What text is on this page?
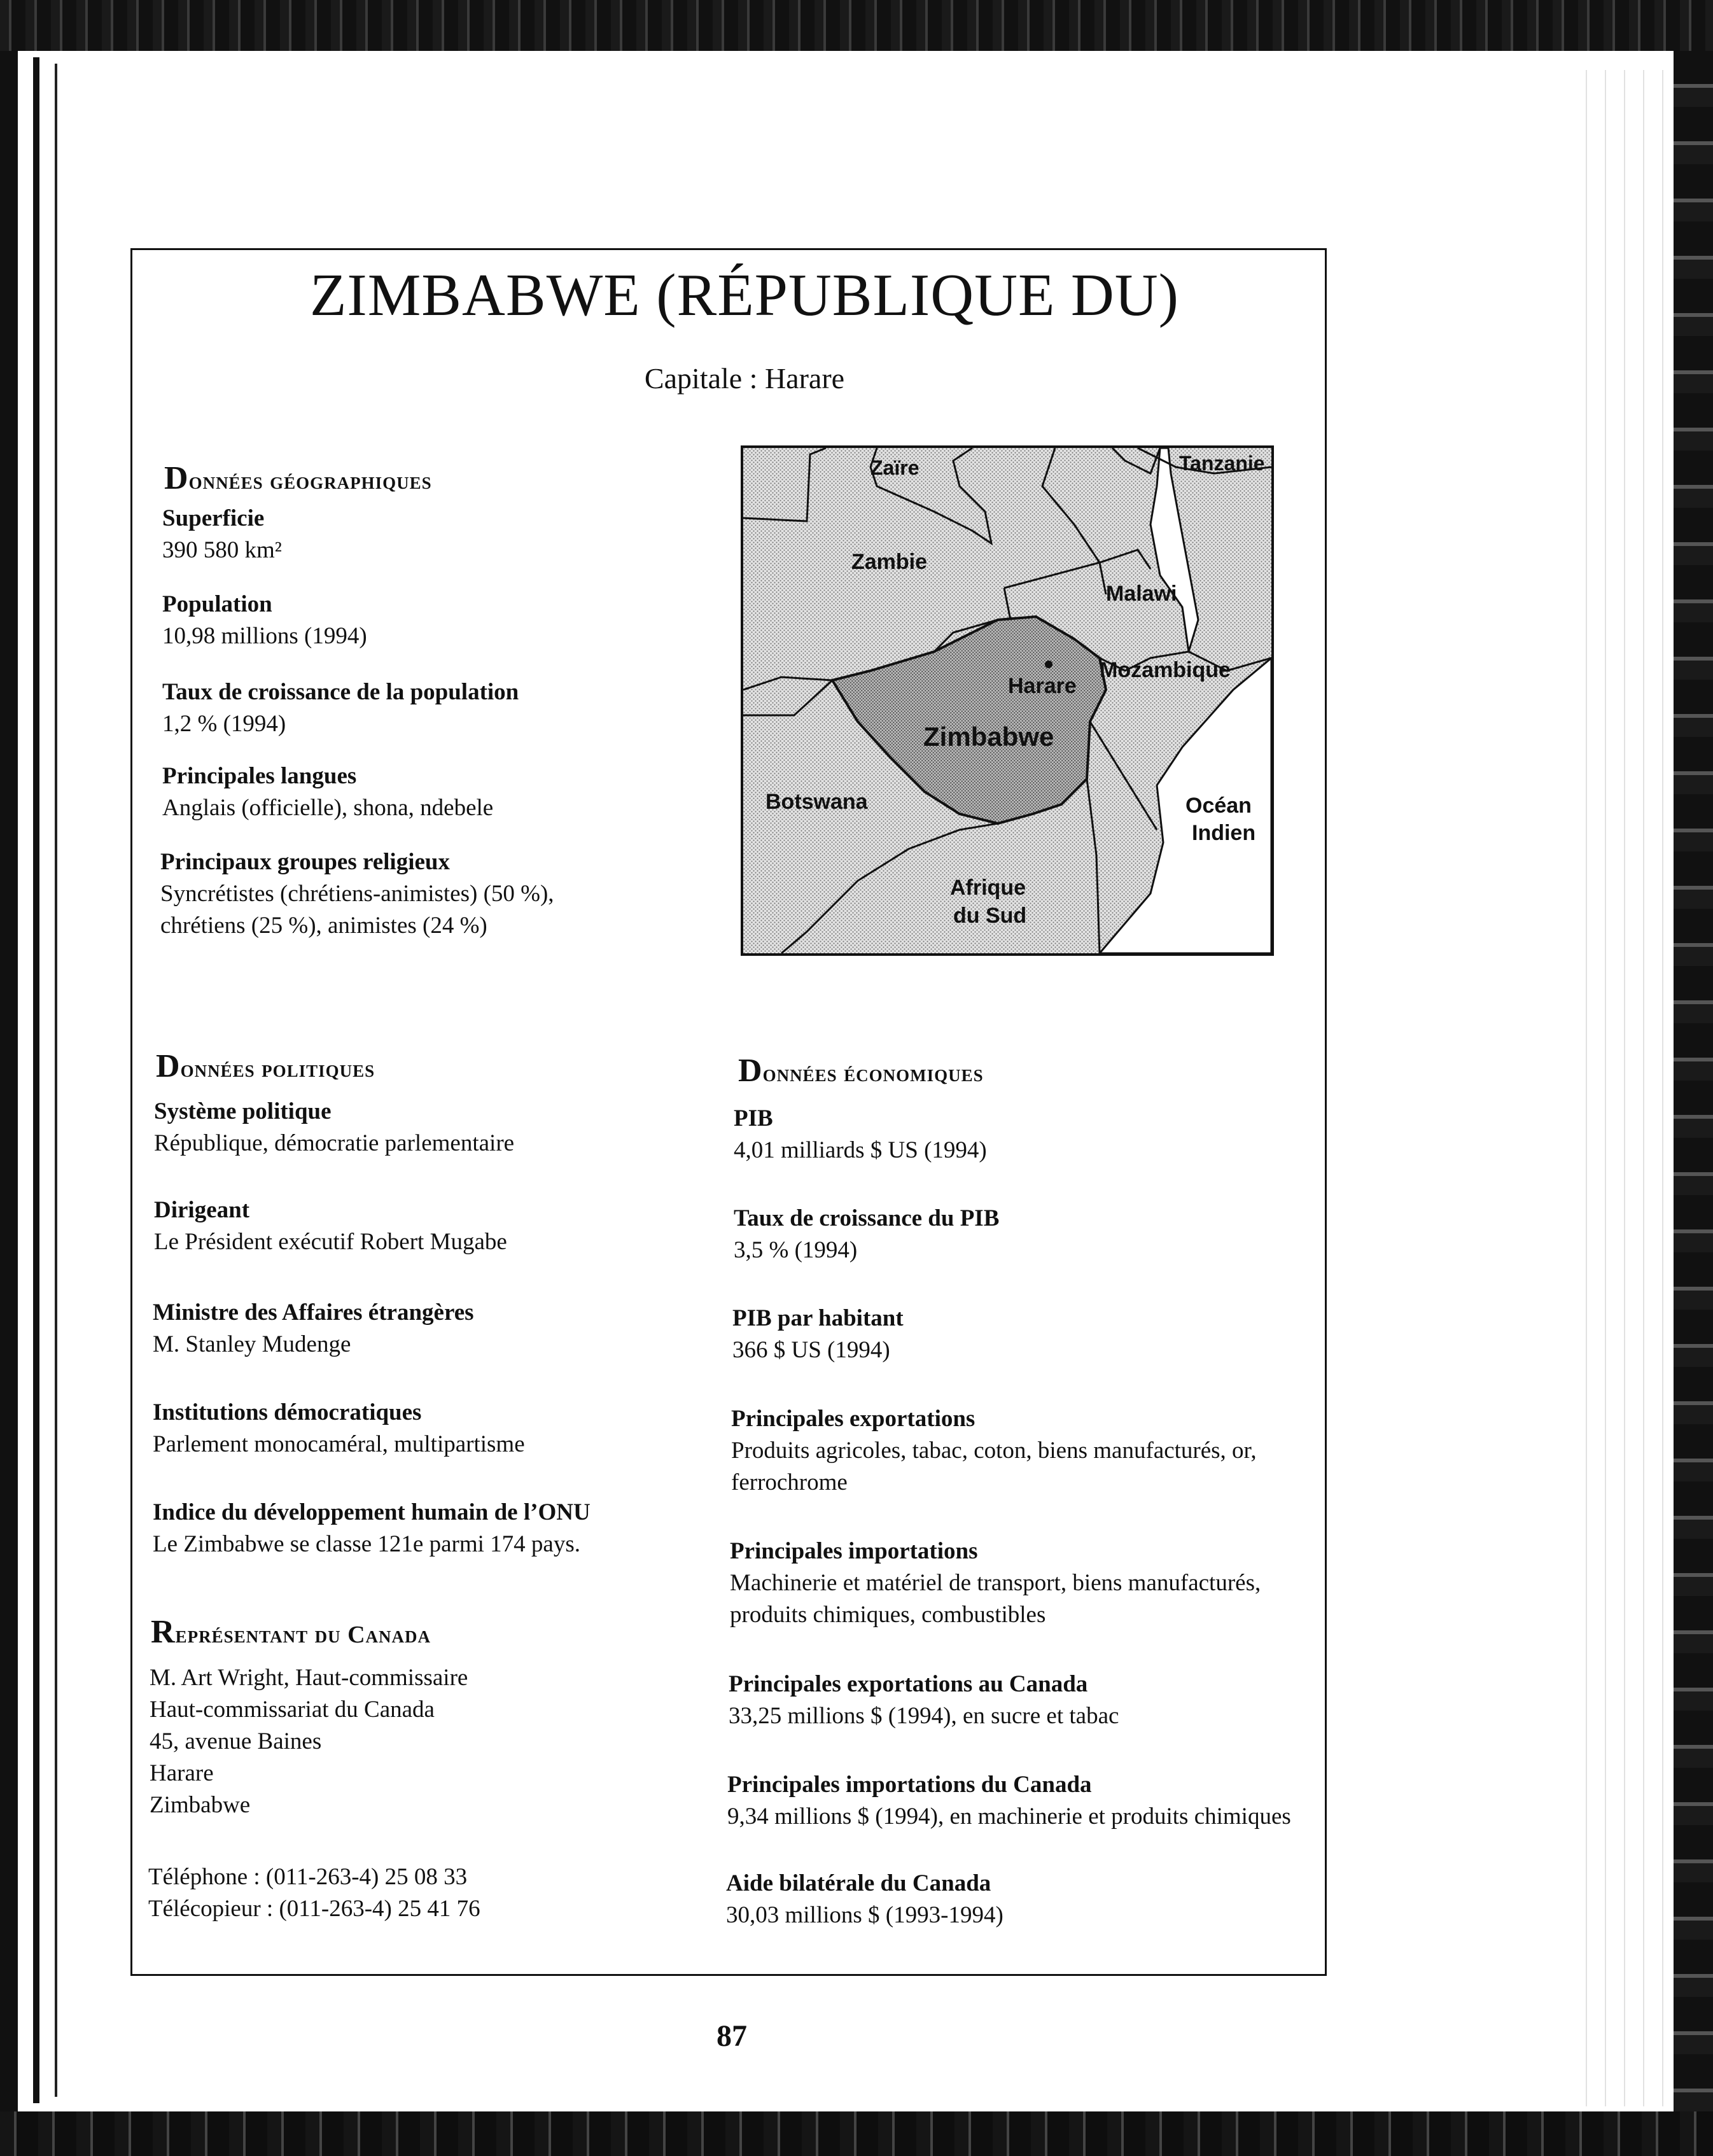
ZIMBABWE (RÉPUBLIQUE DU)
Capitale : Harare
Données géographiques
Superficie
390 580 km²
Population
10,98 millions (1994)
Taux de croissance de la population
1,2 % (1994)
Principales langues
Anglais (officielle), shona, ndebele
Principaux groupes religieux
Syncrétistes (chrétiens-animistes) (50 %),
chrétiens (25 %), animistes (24 %)
Zaïre	Tanzanie
Zambie
Malawi
Harare
Mozambique
Zimbabwe
Botswana	Océan
Indien
Afrique
du Sud
Données politiques
Système politique
République, démocratie parlementaire
Dirigeant
Le Président exécutif Robert Mugabe
Ministre des Affaires étrangères
M. Stanley Mudenge
Institutions démocratiques
Parlement monocaméral, multipartisme
Indice du développement humain de l’ONU
Le Zimbabwe se classe 121e parmi 174 pays.
Représentant du Canada
M. Art Wright, Haut-commissaire
Haut-commissariat du Canada
45, avenue Baines
Harare
Zimbabwe
Téléphone : (011-263-4) 25 08 33
Télécopieur : (011-263-4) 25 41 76
Données économiques
PIB
4,01 milliards $ US (1994)
Taux de croissance du PIB
3,5 % (1994)
PIB par habitant
366 $ US (1994)
Principales exportations
Produits agricoles, tabac, coton, biens manufacturés, or,
ferrochrome
Principales importations
Machinerie et matériel de transport, biens manufacturés,
produits chimiques, combustibles
Principales exportations au Canada
33,25 millions $ (1994), en sucre et tabac
Principales importations du Canada
9,34 millions $ (1994), en machinerie et produits chimiques
Aide bilatérale du Canada
30,03 millions $ (1993-1994)
87
